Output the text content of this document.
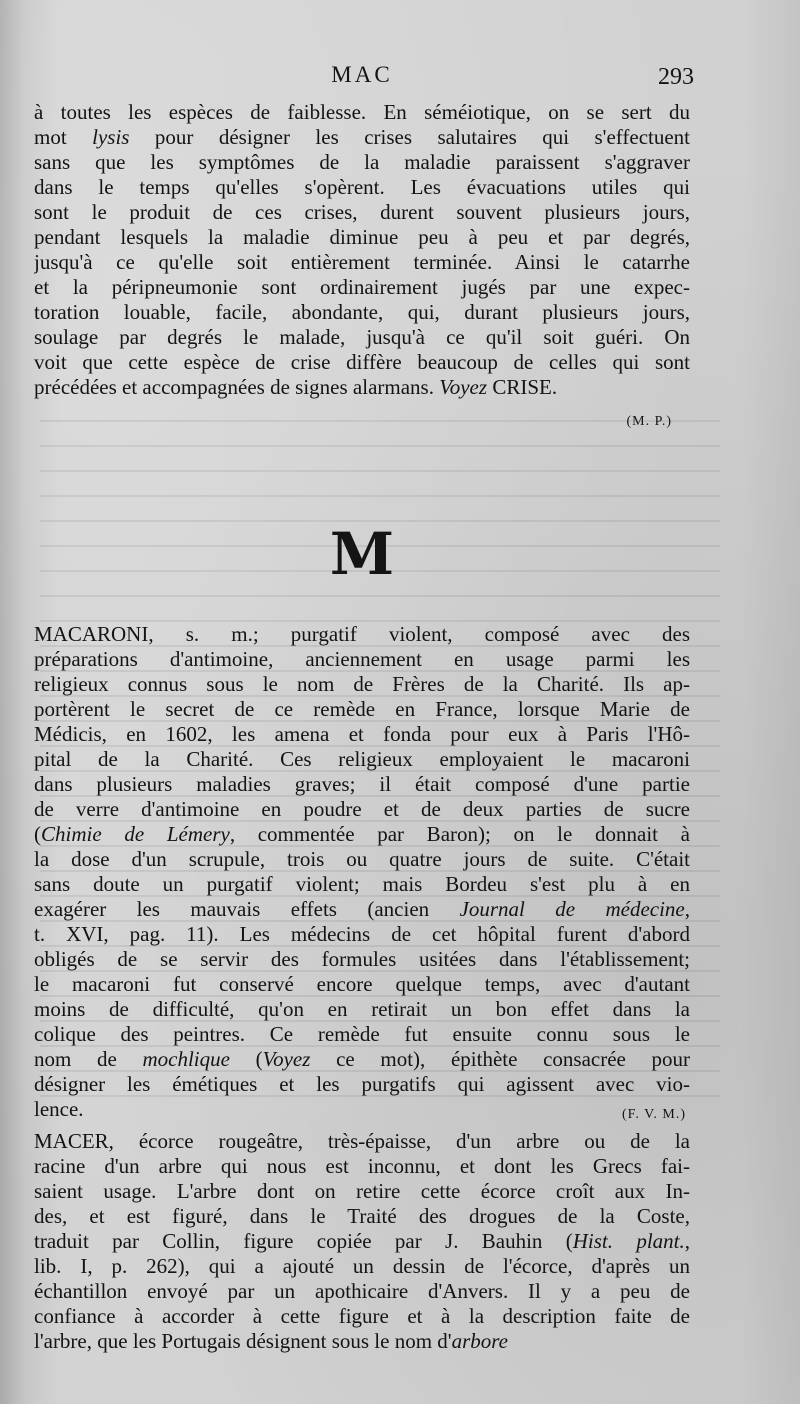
MAC	293
à toutes les espèces de faiblesse. En séméiotique, on se sert du
mot lysis pour désigner les crises salutaires qui s'effectuent
sans que les symptômes de la maladie paraissent s'aggraver
dans le temps qu'elles s'opèrent. Les évacuations utiles qui
sont le produit de ces crises, durent souvent plusieurs jours,
pendant lesquels la maladie diminue peu à peu et par degrés,
jusqu'à ce qu'elle soit entièrement terminée. Ainsi le catarrhe
et la péripneumonie sont ordinairement jugés par une expec-
toration louable, facile, abondante, qui, durant plusieurs jours,
soulage par degrés le malade, jusqu'à ce qu'il soit guéri. On
voit que cette espèce de crise diffère beaucoup de celles qui sont
précédées et accompagnées de signes alarmans. Voyez CRISE.
(M. P.)
M
MACARONI, s. m.; purgatif violent, composé avec des
préparations d'antimoine, anciennement en usage parmi les
religieux connus sous le nom de Frères de la Charité. Ils ap-
portèrent le secret de ce remède en France, lorsque Marie de
Médicis, en 1602, les amena et fonda pour eux à Paris l'Hô-
pital de la Charité. Ces religieux employaient le macaroni
dans plusieurs maladies graves; il était composé d'une partie
de verre d'antimoine en poudre et de deux parties de sucre
(Chimie de Lémery, commentée par Baron); on le donnait à
la dose d'un scrupule, trois ou quatre jours de suite. C'était
sans doute un purgatif violent; mais Bordeu s'est plu à en
exagérer les mauvais effets (ancien Journal de médecine,
t. XVI, pag. 11). Les médecins de cet hôpital furent d'abord
obligés de se servir des formules usitées dans l'établissement;
le macaroni fut conservé encore quelque temps, avec d'autant
moins de difficulté, qu'on en retirait un bon effet dans la
colique des peintres. Ce remède fut ensuite connu sous le
nom de mochlique (Voyez ce mot), épithète consacrée pour
désigner les émétiques et les purgatifs qui agissent avec vio-
lence.	(F. V. M.)
MACER, écorce rougeâtre, très-épaisse, d'un arbre ou de la
racine d'un arbre qui nous est inconnu, et dont les Grecs fai-
saient usage. L'arbre dont on retire cette écorce croît aux In-
des, et est figuré, dans le Traité des drogues de la Coste,
traduit par Collin, figure copiée par J. Bauhin (Hist. plant.,
lib. I, p. 262), qui a ajouté un dessin de l'écorce, d'après un
échantillon envoyé par un apothicaire d'Anvers. Il y a peu de
confiance à accorder à cette figure et à la description faite de
l'arbre, que les Portugais désignent sous le nom d'arbore
